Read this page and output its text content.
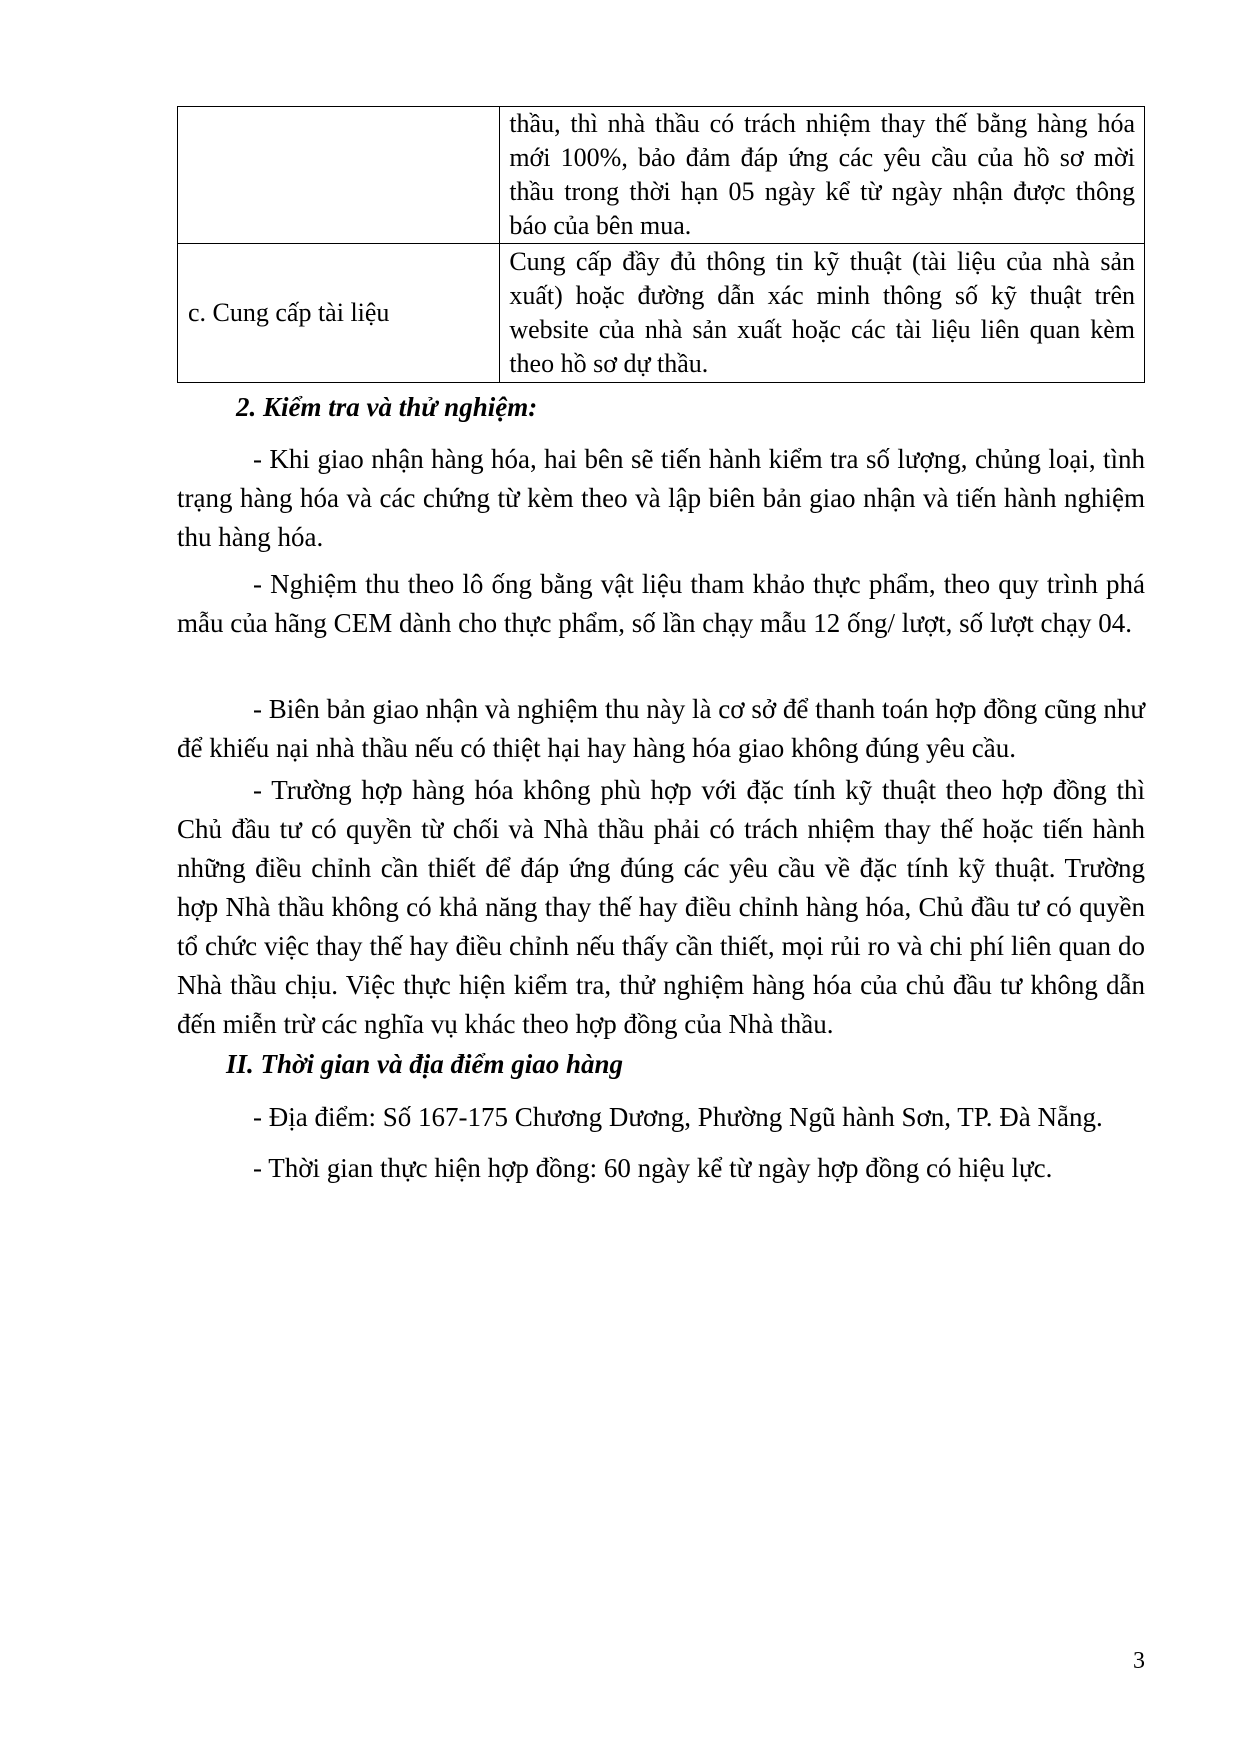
	thầu, thì nhà thầu có trách nhiệm thay thế bằng hàng hóa mới 100%, bảo đảm đáp ứng các yêu cầu của hồ sơ mời thầu trong thời hạn 05 ngày kể từ ngày nhận được thông báo của bên mua.

c. Cung cấp tài liệu	Cung cấp đầy đủ thông tin kỹ thuật (tài liệu của nhà sản xuất) hoặc đường dẫn xác minh thông số kỹ thuật trên website của nhà sản xuất hoặc các tài liệu liên quan kèm theo hồ sơ dự thầu.
2. Kiểm tra và thử nghiệm:
- Khi giao nhận hàng hóa, hai bên sẽ tiến hành kiểm tra số lượng, chủng loại, tình trạng hàng hóa và các chứng từ kèm theo và lập biên bản giao nhận và tiến hành nghiệm thu hàng hóa.
- Nghiệm thu theo lô ống bằng vật liệu tham khảo thực phẩm, theo quy trình phá mẫu của hãng CEM dành cho thực phẩm, số lần chạy mẫu 12 ống/ lượt, số lượt chạy 04.
- Biên bản giao nhận và nghiệm thu này là cơ sở để thanh toán hợp đồng cũng như để khiếu nại nhà thầu nếu có thiệt hại hay hàng hóa giao không đúng yêu cầu.
- Trường hợp hàng hóa không phù hợp với đặc tính kỹ thuật theo hợp đồng thì Chủ đầu tư có quyền từ chối và Nhà thầu phải có trách nhiệm thay thế hoặc tiến hành những điều chỉnh cần thiết để đáp ứng đúng các yêu cầu về đặc tính kỹ thuật. Trường hợp Nhà thầu không có khả năng thay thế hay điều chỉnh hàng hóa, Chủ đầu tư có quyền tổ chức việc thay thế hay điều chỉnh nếu thấy cần thiết, mọi rủi ro và chi phí liên quan do Nhà thầu chịu. Việc thực hiện kiểm tra, thử nghiệm hàng hóa của chủ đầu tư không dẫn đến miễn trừ các nghĩa vụ khác theo hợp đồng của Nhà thầu.
II. Thời gian và địa điểm giao hàng
- Địa điểm: Số 167-175 Chương Dương, Phường Ngũ hành Sơn, TP. Đà Nẵng.
- Thời gian thực hiện hợp đồng: 60 ngày kể từ ngày hợp đồng có hiệu lực.
3
